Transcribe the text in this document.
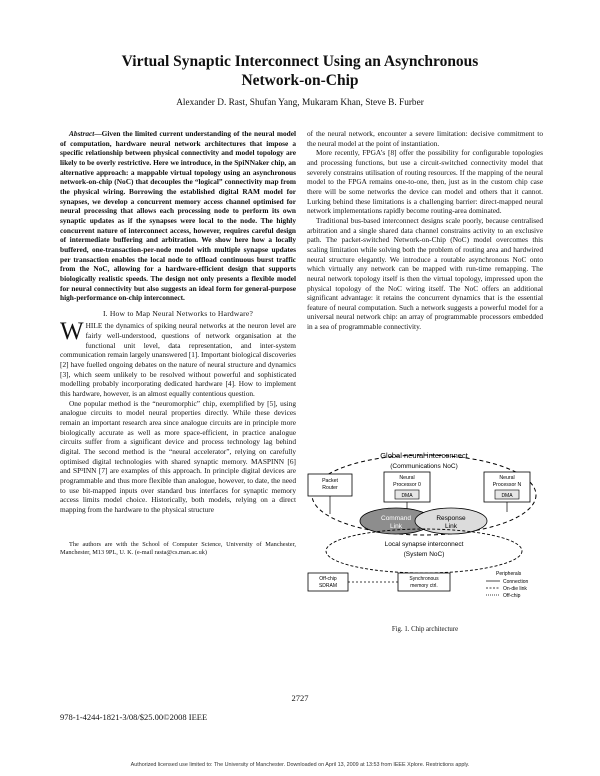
Virtual Synaptic Interconnect Using an Asynchronous
Network-on-Chip
Alexander D. Rast, Shufan Yang, Mukaram Khan, Steve B. Furber

Abstract—Given the limited current understanding of the neural model of computation, hardware neural network architectures that impose a specific relationship between physical connectivity and model topology are likely to be overly restrictive. Here we introduce, in the SpiNNaker chip, an alternative approach: a mappable virtual topology using an asynchronous network-on-chip (NoC) that decouples the “logical” connectivity map from the physical wiring. Borrowing the established digital RAM model for synapses, we develop a concurrent memory access channel optimised for neural processing that allows each processing node to perform its own synaptic updates as if the synapses were local to the node. The highly concurrent nature of interconnect access, however, requires careful design of intermediate buffering and arbitration. We show here how a locally buffered, one-transaction-per-node model with multiple synapse updates per transaction enables the local node to offload continuous burst traffic from the NoC, allowing for a hardware-efficient design that supports biologically realistic speeds. The design not only presents a flexible model for neural connectivity but also suggests an ideal form for general-purpose high-performance on-chip interconnect.

I. How to Map Neural Networks to Hardware?

WHILE the dynamics of spiking neural networks at the neuron level are fairly well-understood, questions of network organisation at the functional unit level, data representation, and inter-system communication remain largely unanswered [1]. Important biological discoveries [2] have fuelled ongoing debates on the nature of neural structure and dynamics [3], which seem unlikely to be resolved without powerful and sophisticated modelling probably incorporating dedicated hardware [4]. How to implement this hardware, however, is an almost equally contentious question.

One popular method is the “neuromorphic” chip, exemplified by [5], using analogue circuits to model neural properties directly. While these devices remain an important research area since analogue circuits are in principle more biologically accurate as well as more space-efficient, in practice analogue circuits suffer from a significant device and process technology lag behind digital. The second method is the “neural accelerator”, relying on carefully optimised digital technologies with shared synaptic memory. MASPINN [6] and SP²INN [7] are examples of this approach. In principle digital devices are programmable and thus more flexible than analogue, however, to date, the need to use bit-mapped inputs over standard bus interfaces for synaptic memory access limits model choice. Historically, both models, relying on a direct mapping from the hardware to the physical structure

The authors are with the School of Computer Science, University of Manchester, Manchester, M13 9PL, U. K. (e-mail rasta@cs.man.ac.uk)

of the neural network, encounter a severe limitation: decisive commitment to the neural model at the point of instantiation.

More recently, FPGA’s [8] offer the possibility for configurable topologies and processing functions, but use a circuit-switched connectivity model that severely constrains utilisation of routing resources. If the mapping of the neural model to the FPGA remains one-to-one, then, just as in the custom chip case there will be some networks the device can model and others that it cannot. Lurking behind these limitations is a challenging barrier: direct-mapped neural network implementations rapidly become routing-area dominated.

Traditional bus-based interconnect designs scale poorly, because centralised arbitration and a single shared data channel constrains activity to an exclusive path. The packet-switched Network-on-Chip (NoC) model overcomes this scaling limitation while solving both the problem of routing area and hardwired neural structure elegantly. We introduce a routable asynchronous NoC onto which virtually any network can be mapped with run-time remapping. The neural network topology itself is then the virtual topology, impressed upon the physical topology of the NoC wiring itself. The NoC offers an additional significant advantage: it retains the concurrent dynamics that is the essential feature of neural computation. Such a network suggests a powerful model for a universal neural network chip: an array of programmable processors embedded in a sea of programmable connectivity.

Global neural interconnect
(Communications NoC)
Packet
Router
Neural
Processor 0
DMA
Neural
Processor N
DMA
Command
Link
Response
Link
Local synapse interconnect
(System NoC)
Off-chip
SDRAM
Synchronous
memory ctrl.
Peripherals
Connection
On-die link
Off-chip
Fig. 1. Chip architecture
2727
978-1-4244-1821-3/08/$25.00©2008 IEEE
Authorized licensed use limited to: The University of Manchester. Downloaded on April 13, 2009 at 13:53 from IEEE Xplore. Restrictions apply.
